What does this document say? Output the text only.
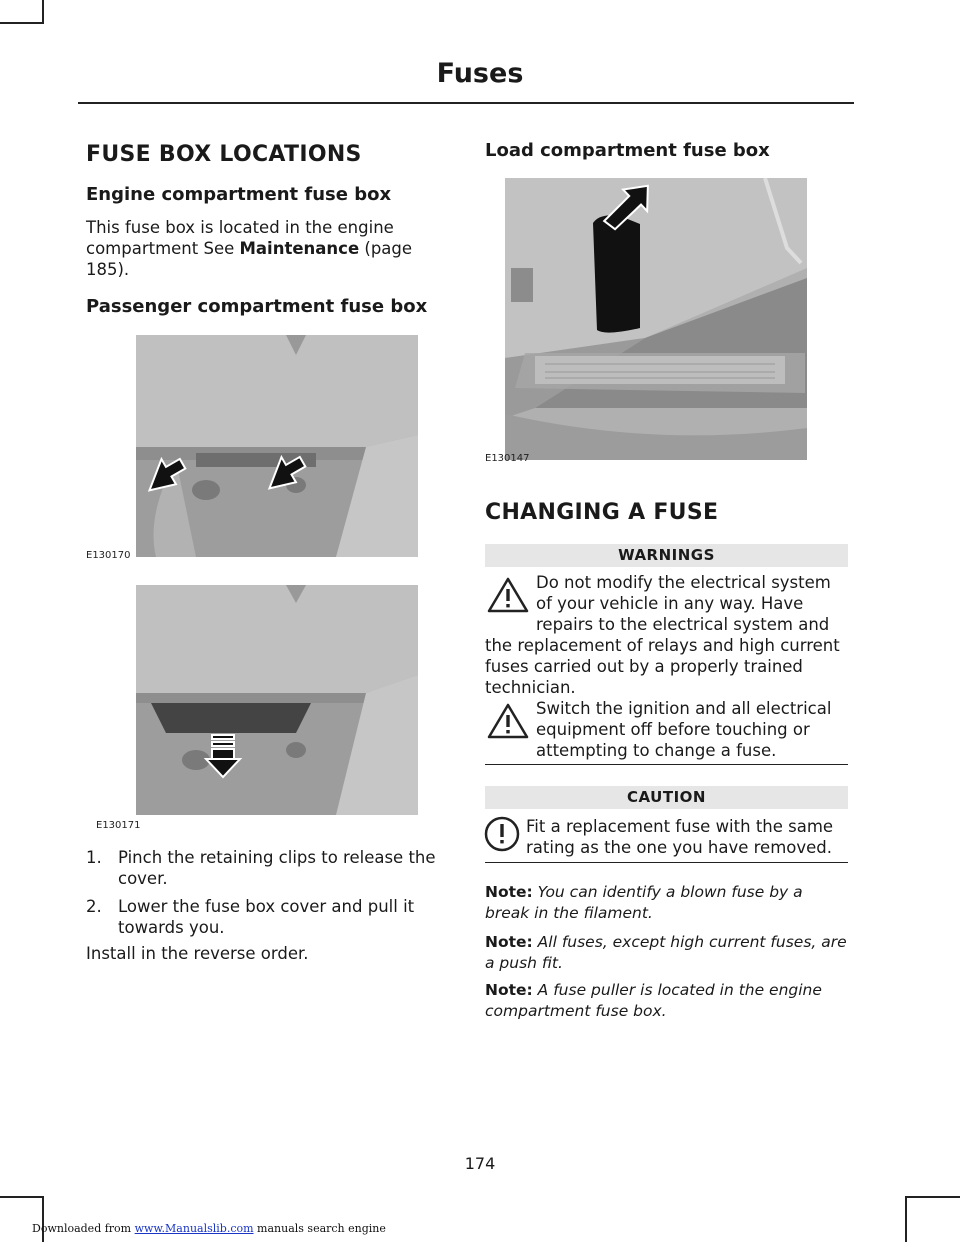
Fuses
FUSE BOX LOCATIONS
Engine compartment fuse box

This fuse box is located in the engine

compartment See Maintenance (page

185).

Passenger compartment fuse box
E130170
E130171
1. Pinch the retaining clips to release the cover.
2. Lower the fuse box cover and pull it towards you.

Install in the reverse order.

Load compartment fuse box
E130147
CHANGING A FUSE
WARNINGS
Do not modify the electrical system of your vehicle in any way. Have repairs to the electrical system and
the replacement of relays and high current fuses carried out by a properly trained technician.
Switch the ignition and all electrical equipment off before touching or attempting to change a fuse.
CAUTION
Fit a replacement fuse with the same rating as the one you have removed.
Note: You can identify a blown fuse by a break in the filament.
Note: All fuses, except high current fuses, are a push fit.
Note: A fuse puller is located in the engine compartment fuse box.
174
Downloaded from www.Manualslib.com manuals search engine
